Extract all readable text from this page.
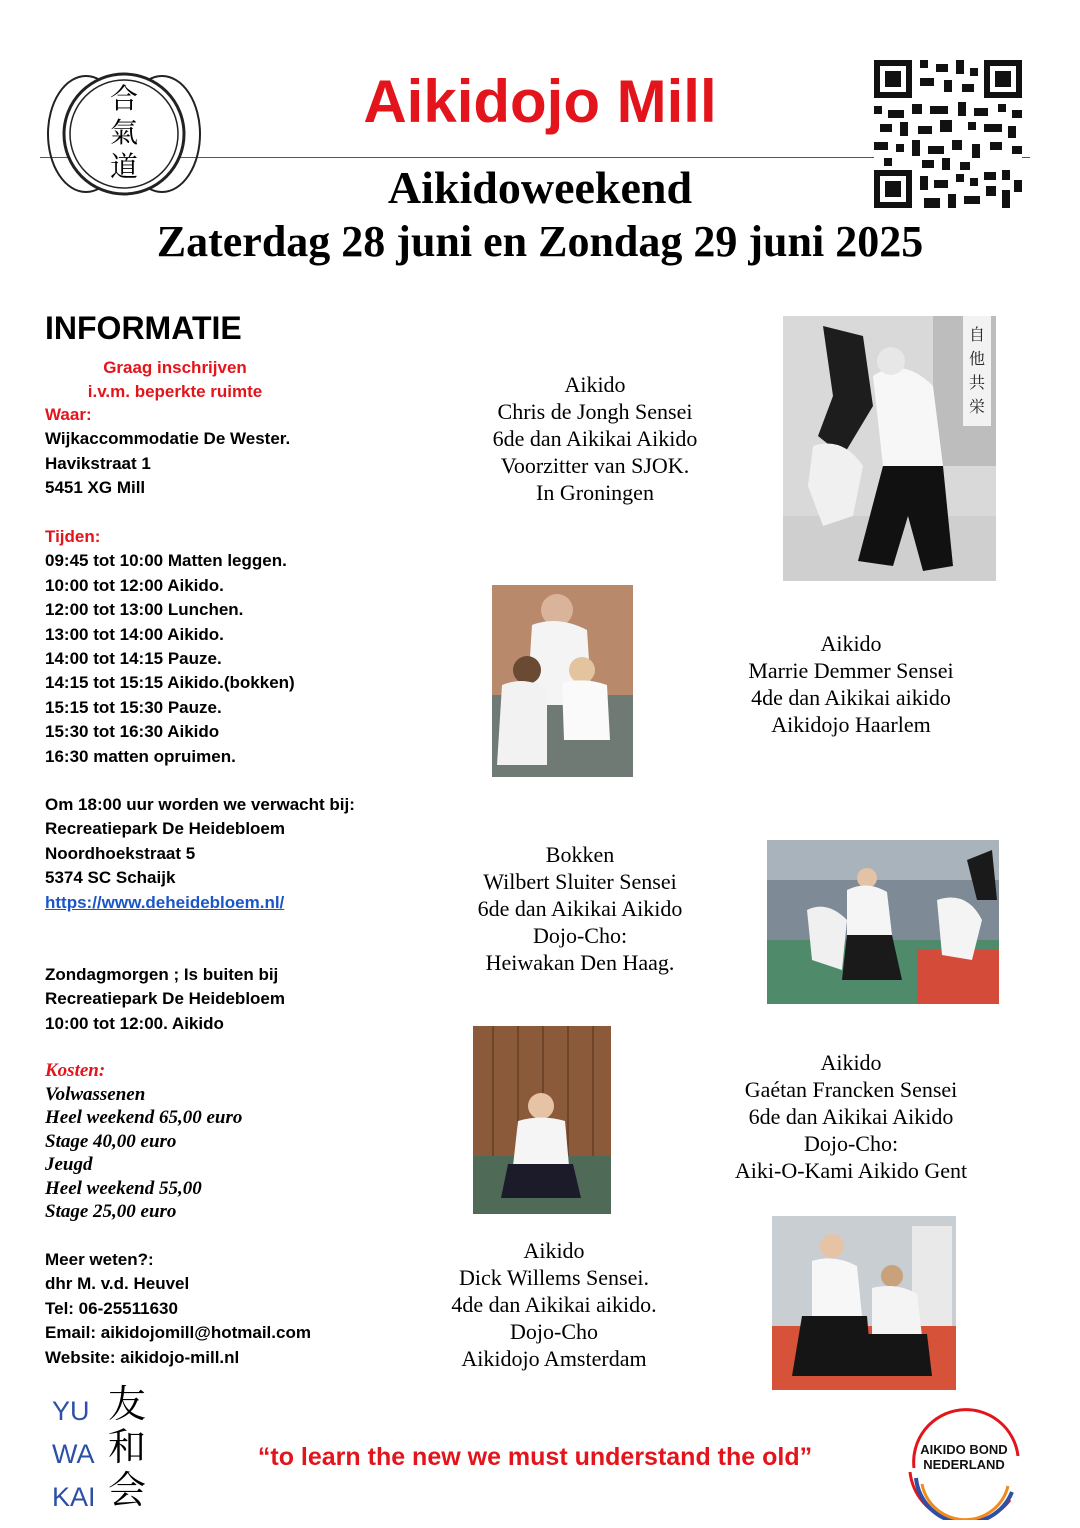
合
氣
道
Aikidojo Mill
Aikidoweekend
Zaterdag 28 juni en Zondag 29 juni 2025
INFORMATIE
Graag inschrijven
i.v.m. beperkte ruimte
Waar:
Wijkaccommodatie De Wester.
Havikstraat 1
5451 XG Mill
Tijden:
09:45 tot 10:00 Matten leggen.
10:00 tot 12:00 Aikido.
12:00 tot 13:00 Lunchen.
13:00 tot 14:00 Aikido.
14:00 tot 14:15 Pauze.
14:15 tot 15:15 Aikido.(bokken)
15:15 tot 15:30 Pauze.
15:30 tot 16:30 Aikido
16:30 matten opruimen.
Om 18:00 uur worden we verwacht bij:
Recreatiepark De Heidebloem
Noordhoekstraat 5
5374 SC Schaijk
https://www.deheidebloem.nl/
Zondagmorgen ; Is buiten bij
Recreatiepark De Heidebloem
10:00 tot 12:00. Aikido
Kosten:
Volwassenen
Heel weekend 65,00 euro
Stage 40,00 euro
Jeugd
Heel weekend 55,00
Stage 25,00 euro
Meer weten?:
dhr M. v.d. Heuvel
Tel: 06-25511630
Email: aikidojomill@hotmail.com
Website: aikidojo-mill.nl
Aikido
Chris de Jongh Sensei
6de dan Aikikai Aikido
Voorzitter van SJOK.
In Groningen
Aikido
Marrie Demmer Sensei
4de dan Aikikai aikido
Aikidojo Haarlem
Bokken
Wilbert Sluiter Sensei
6de dan Aikikai Aikido
Dojo-Cho:
Heiwakan Den Haag.
Aikido
Gaétan Francken Sensei
6de dan Aikikai Aikido
Dojo-Cho:
Aiki-O-Kami Aikido Gent
Aikido
Dick Willems Sensei.
4de dan Aikikai aikido.
Dojo-Cho
Aikidojo Amsterdam
自
他
共
栄
YU
WA
KAI
友
和
会
“to learn the new we must understand the old”	AIKIDO BOND
NEDERLAND
